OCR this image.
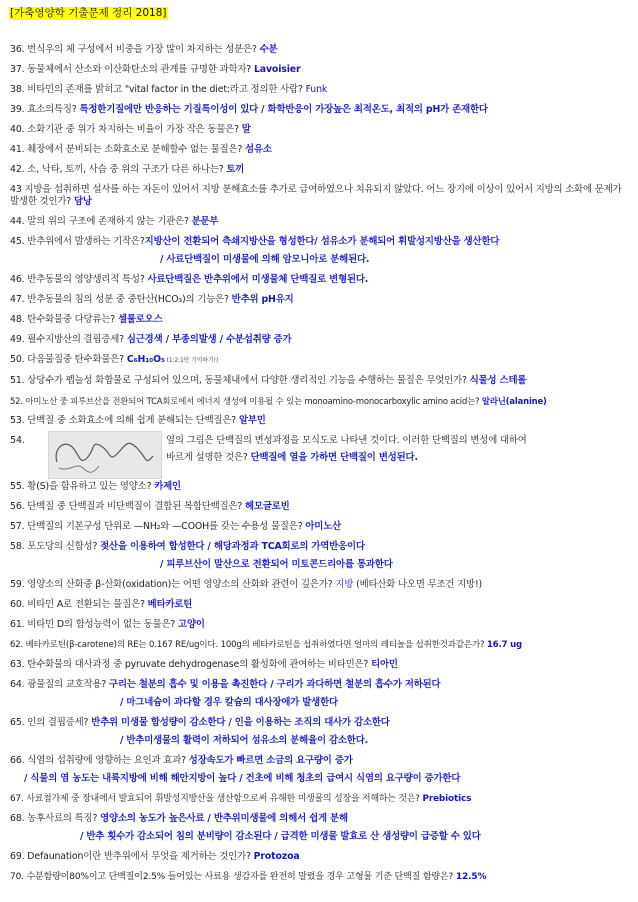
[가축영양학 기출문제 정리 2018]
36. 번식우의 체 구성에서 비중을 가장 많이 차지하는 성분은? 수분
37. 동물체에서 산소와 이산화탄소의 관계를 규명한 과학자? Lavoisier
38. 비타민의 존재를 밝히고 "vital factor in the diet:라고 정의한 사람? Funk
39. 효소의특징? 특정한기질에만 반응하는 기질특이성이 있다 / 화학반응이 가장높은 최적온도, 최적의 pH가 존재한다
40. 소화기관 중 위가 차지하는 비율이 가장 작은 동물은? 말
41. 췌장에서 분비되는 소화효소로 분해할수 없는 물질은? 섬유소
42. 소, 낙타, 토끼, 사슴 중 위의 구조가 다른 하나는? 토끼
43 지방을 섭취하면 설사를 하는 자돈이 있어서 지방 분해효소를 추가로 급여하였으나 치유되지 않았다. 어느 장기에 이상이 있어서 지방의 소화에 문제가 발생한 것인가? 담낭
44. 말의 위의 구조에 존재하지 않는 기관은? 분문부
45. 반추위에서 발생하는 기작은?지방산이 전환되어 측쇄지방산을 형성한다/ 섬유소가 분해되어 휘발성지방산을 생산한다
/ 사료단백질이 미생물에 의해 암모니아로 분해된다.
46. 반추동물의 영양생리적 특성? 사료단백질은 반추위에서 미생물체 단백질로 변형된다.
47. 반추동물의 침의 성분 중 중탄산(HCO₃)의 기능은? 반추위 pH유지
48. 탄수화물중 다당류는? 셀룰로오스
49. 필수지방산의 결핍증세? 심근경색 / 부종의발생 / 수분섭취량 증가
50. 다음물질중 탄수화물은? C₆H₁₀O₅ (1:2:1만 기억하기!)
51. 상당수가 펩늘성 화합물로 구성되어 있으며, 동물체내에서 다양한 생리적인 기능을 수행하는 물질은 무엇인가? 식물성 스테롤
52. 아미노산 중 피루브산을 전환되어 TCA회로에서 에너지 생성에 이용될 수 있는 monoamino-monocarboxylic amino acid는? 알라닌(alanine)
53. 단백질 중 소화효소에 의해 쉽게 분해되는 단백질은? 알부민
54.	옆의 그림은 단백질의 변성과정을 모식도로 나타낸 것이다. 이러한 단백질의 변성에 대하여
바르게 설명한 것은? 단백질에 열을 가하면 단백질이 변성된다.
55. 황(S)을 함유하고 있는 영양소? 카제인
56. 단백질 중 단백질과 비단백질이 결합된 복합단백질은? 헤모글로빈
57. 단백질의 기본구성 단위로 —NH₂와 —COOH를 갖는 수용성 물질은? 아미노산
58. 포도당의 신합성? 젖산을 이용하여 합성한다 / 해당과정과 TCA회로의 가역반응이다
/ 피루브산이 말산으로 전환되어 미토콘드리아를 통과한다
59. 영양소의 산화중 β-산화(oxidation)는 어떤 영양소의 산화와 관련이 깊은가? 지방 (베타산화 나오면 무조건 지방!)
60. 비타민 A로 전환되는 물질은? 베타카로틴
61. 비타민 D의 합성능력이 없는 동물은? 고양이
62. 베타카로틴(β-carotene)의 RE는 0.167 RE/ug이다. 100g의 베타카로틴을 섭취하였다면 얼마의 레티놀을 섭취한것과같은가? 16.7 ug
63. 탄수화물의 대사과정 중 pyruvate dehydrogenase의 활성화에 관여하는 비타민은? 티아민
64. 광물질의 교호작용? 구리는 철분의 흡수 및 이용을 촉진한다 / 구리가 과다하면 철분의 흡수가 저하된다
/ 마그네슘이 과다할 경우 칼슘의 대사장애가 발생한다
65. 인의 결핍증세? 반추위 미생물 합성량이 감소한다 / 인을 이용하는 조직의 대사가 감소한다
/ 반추미생물의 활력이 저하되어 섬유소의 분해율이 감소한다.
66. 식염의 섭취량에 영향하는 요인과 효과? 성장속도가 빠르면 소금의 요구량이 증가
/ 식물의 염 농도는 내륙지방에 비해 해안지방이 높다 / 건초에 비해 청초의 급여시 식염의 요구량이 증가한다
67. 사료첨가제 중 장내에서 발효되어 휘발성지방산을 생산함으로써 유해한 미생물의 성장을 저해하는 것은? Prebiotics
68. 농후사료의 특징? 영양소의 농도가 높은사료 / 반추위미생물에 의해서 쉽게 분해
/ 반추 횟수가 감소되어 침의 분비량이 감소된다 / 급격한 미생물 발효로 산 생성량이 급증할 수 있다
69. Defaunation이란 반추위에서 무엇을 제거하는 것인가? Protozoa
70. 수분함량이80%이고 단백질이2.5% 들어있는 사료용 생감자를 완전히 말렸을 경우 고형물 기준 단백질 함량은? 12.5%
